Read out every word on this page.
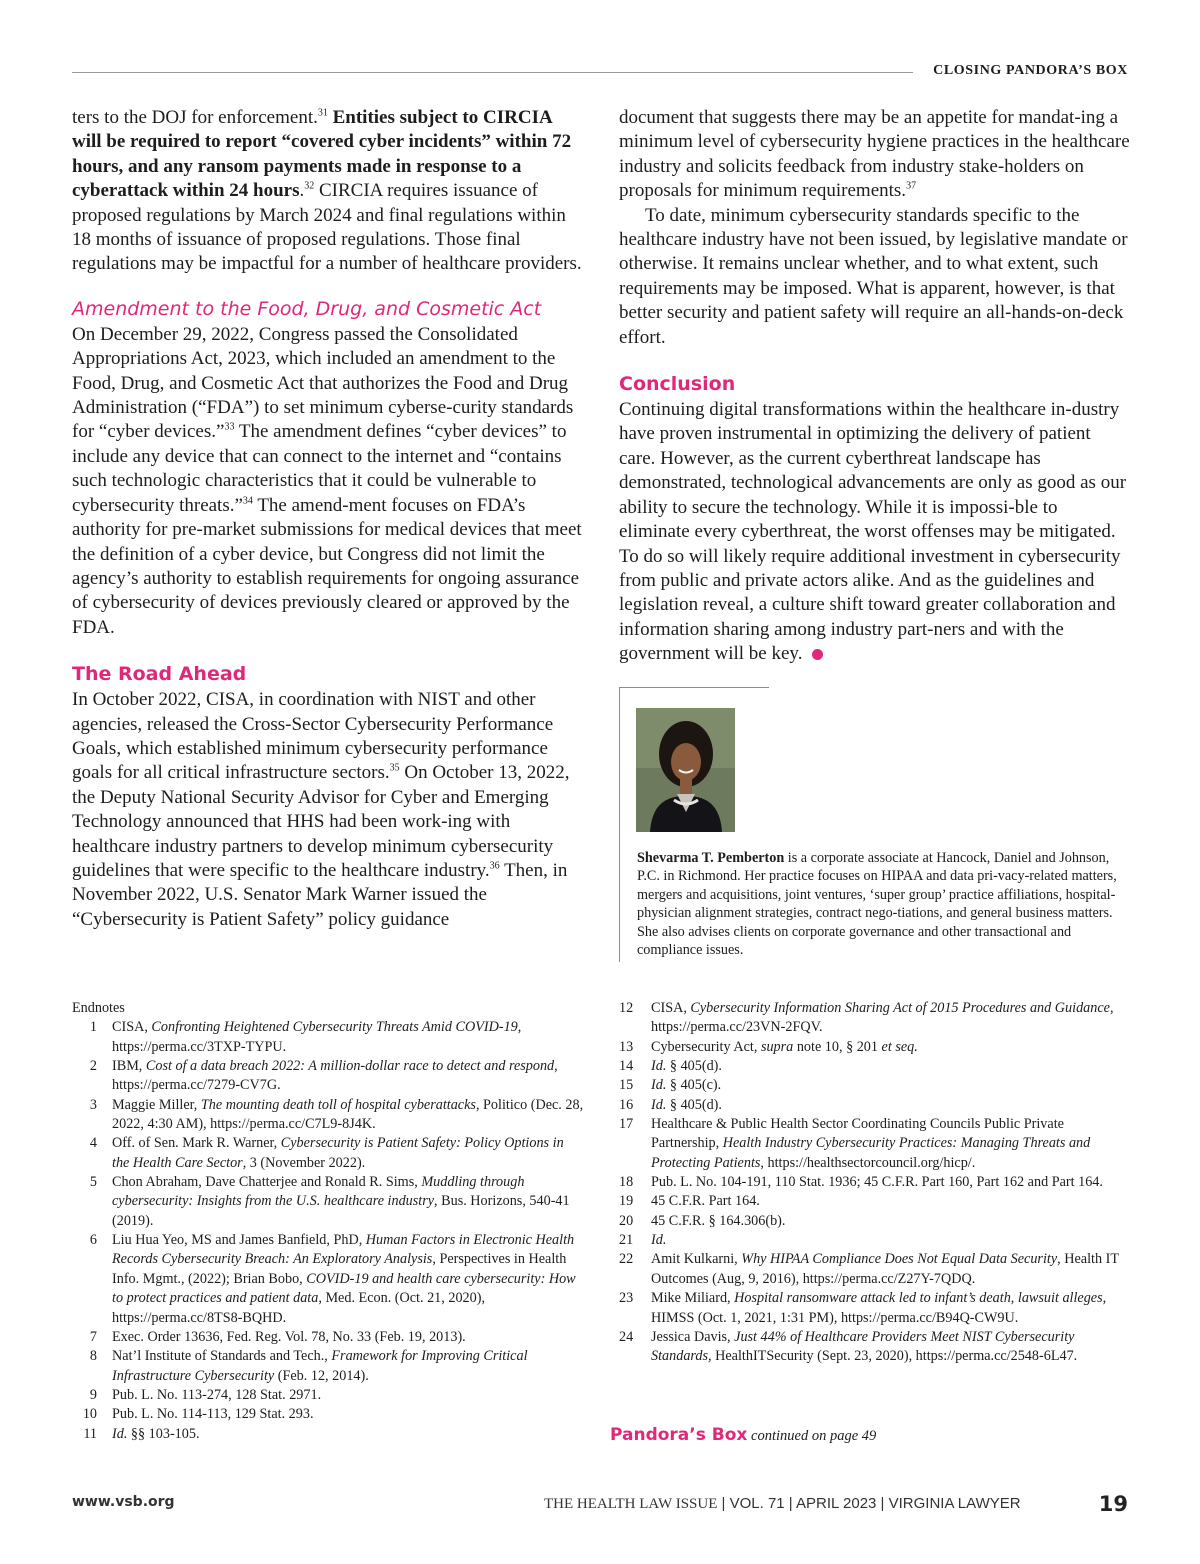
CLOSING PANDORA’S BOX

ters to the DOJ for enforcement.$^{31}$ Entities subject to CIRCIA will be required to report “covered cyber incidents” within 72 hours, and any ransom payments made in response to a cyberattack within 24 hours.$^{32}$ CIRCIA requires issuance of proposed regulations by March 2024 and final regulations within 18 months of issuance of proposed regulations. Those final regulations may be impactful for a number of healthcare providers.

Amendment to the Food, Drug, and Cosmetic Act

On December 29, 2022, Congress passed the Consolidated Appropriations Act, 2023, which included an amendment to the Food, Drug, and Cosmetic Act that authorizes the Food and Drug Administration (“FDA”) to set minimum cyberse-curity standards for “cyber devices.”$^{33}$ The amendment defines “cyber devices” to include any device that can connect to the internet and “contains such technologic characteristics that it could be vulnerable to cybersecurity threats.”$^{34}$ The amend-ment focuses on FDA’s authority for pre-market submissions for medical devices that meet the definition of a cyber device, but Congress did not limit the agency’s authority to establish requirements for ongoing assurance of cybersecurity of devices previously cleared or approved by the FDA.

The Road Ahead

In October 2022, CISA, in coordination with NIST and other agencies, released the Cross-Sector Cybersecurity Performance Goals, which established minimum cybersecurity performance goals for all critical infrastructure sectors.$^{35}$ On October 13, 2022, the Deputy National Security Advisor for Cyber and Emerging Technology announced that HHS had been work-ing with healthcare industry partners to develop minimum cybersecurity guidelines that were specific to the healthcare industry.$^{36}$ Then, in November 2022, U.S. Senator Mark Warner issued the “Cybersecurity is Patient Safety” policy guidance

document that suggests there may be an appetite for mandat-ing a minimum level of cybersecurity hygiene practices in the healthcare industry and solicits feedback from industry stake-holders on proposals for minimum requirements.$^{37}$

To date, minimum cybersecurity standards specific to the healthcare industry have not been issued, by legislative mandate or otherwise. It remains unclear whether, and to what extent, such requirements may be imposed. What is apparent, however, is that better security and patient safety will require an all-hands-on-deck effort.

Conclusion

Continuing digital transformations within the healthcare in-dustry have proven instrumental in optimizing the delivery of patient care. However, as the current cyberthreat landscape has demonstrated, technological advancements are only as good as our ability to secure the technology. While it is impossi-ble to eliminate every cyberthreat, the worst offenses may be mitigated. To do so will likely require additional investment in cybersecurity from public and private actors alike. And as the guidelines and legislation reveal, a culture shift toward greater collaboration and information sharing among industry part-ners and with the government will be key.

Shevarma T. Pemberton is a corporate associate at Hancock, Daniel and Johnson, P.C. in Richmond. Her practice focuses on HIPAA and data pri-vacy-related matters, mergers and acquisitions, joint ventures, ‘super group’ practice affiliations, hospital-physician alignment strategies, contract nego-tiations, and general business matters. She also advises clients on corporate governance and other transactional and compliance issues.
Endnotes
1 CISA, Confronting Heightened Cybersecurity Threats Amid COVID-19, https://perma.cc/3TXP-TYPU.
2 IBM, Cost of a data breach 2022: A million-dollar race to detect and respond, https://perma.cc/7279-CV7G.
3 Maggie Miller, The mounting death toll of hospital cyberattacks, Politico (Dec. 28, 2022, 4:30 AM), https://perma.cc/C7L9-8J4K.
4 Off. of Sen. Mark R. Warner, Cybersecurity is Patient Safety: Policy Options in the Health Care Sector, 3 (November 2022).
5 Chon Abraham, Dave Chatterjee and Ronald R. Sims, Muddling through cybersecurity: Insights from the U.S. healthcare industry, Bus. Horizons, 540-41 (2019).
6 Liu Hua Yeo, MS and James Banfield, PhD, Human Factors in Electronic Health Records Cybersecurity Breach: An Exploratory Analysis, Perspectives in Health Info. Mgmt., (2022); Brian Bobo, COVID-19 and health care cybersecurity: How to protect practices and patient data, Med. Econ. (Oct. 21, 2020), https://perma.cc/8TS8-BQHD.
7 Exec. Order 13636, Fed. Reg. Vol. 78, No. 33 (Feb. 19, 2013).
8 Nat’l Institute of Standards and Tech., Framework for Improving Critical Infrastructure Cybersecurity (Feb. 12, 2014).
9 Pub. L. No. 113-274, 128 Stat. 2971.
10 Pub. L. No. 114-113, 129 Stat. 293.
11 Id. §§ 103-105.
12	CISA, Cybersecurity Information Sharing Act of 2015 Procedures and Guidance, https://perma.cc/23VN-2FQV.
13	Cybersecurity Act, supra note 10, § 201 et seq.
14	Id. § 405(d).
15	Id. § 405(c).
16	Id. § 405(d).
17	Healthcare & Public Health Sector Coordinating Councils Public Private Partnership, Health Industry Cybersecurity Practices: Managing Threats and Protecting Patients, https://healthsectorcouncil.org/hicp/.
18	Pub. L. No. 104-191, 110 Stat. 1936; 45 C.F.R. Part 160, Part 162 and Part 164.
19	45 C.F.R. Part 164.
20	45 C.F.R. § 164.306(b).
21	Id.
22	Amit Kulkarni, Why HIPAA Compliance Does Not Equal Data Security, Health IT Outcomes (Aug, 9, 2016), https://perma.cc/Z27Y-7QDQ.
23	Mike Miliard, Hospital ransomware attack led to infant’s death, lawsuit alleges, HIMSS (Oct. 1, 2021, 1:31 PM), https://perma.cc/B94Q-CW9U.
24	Jessica Davis, Just 44% of Healthcare Providers Meet NIST Cybersecurity Standards, HealthITSecurity (Sept. 23, 2020), https://perma.cc/2548-6L47.
Pandora’s Box continued on page 49
www.vsb.org	THE HEALTH LAW ISSUE | VOL. 71 | APRIL 2023 | VIRGINIA LAWYER	19
